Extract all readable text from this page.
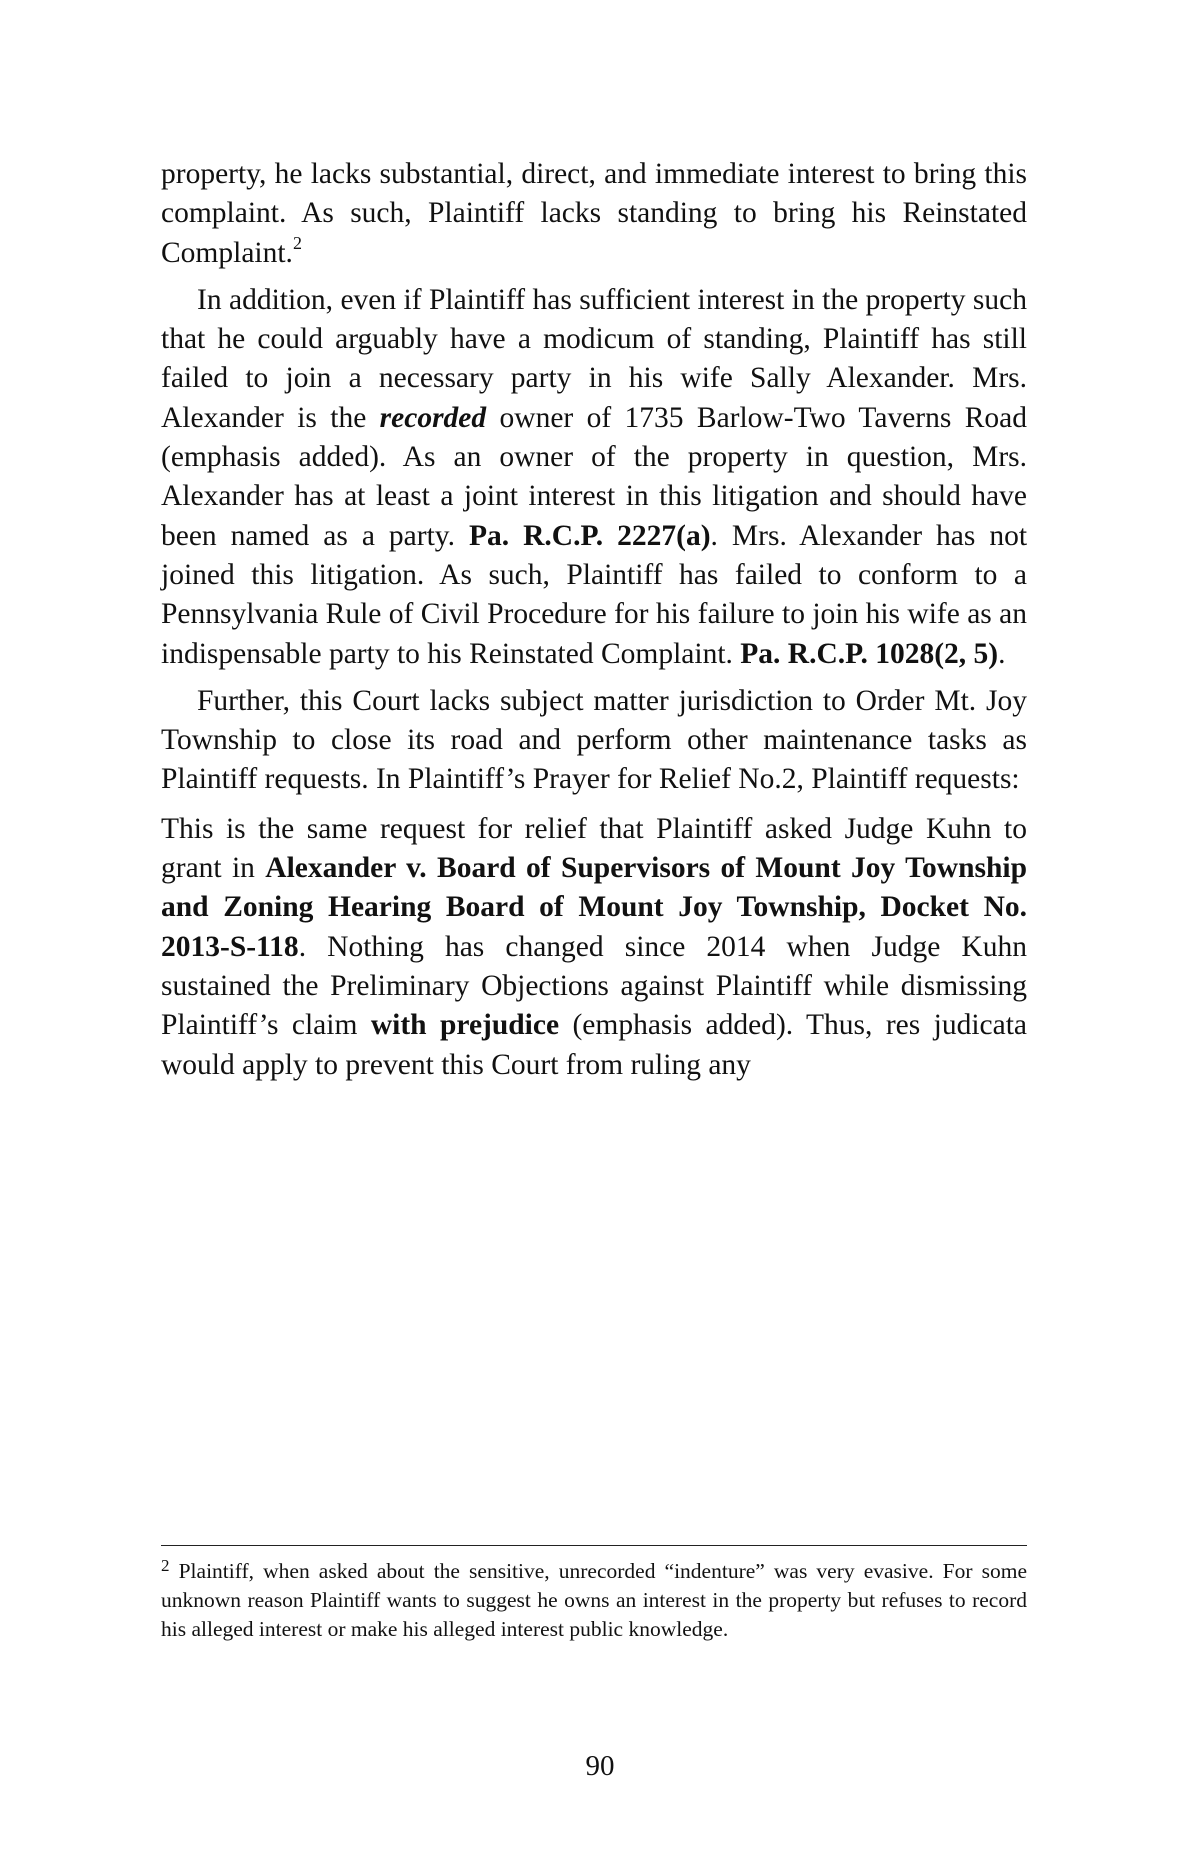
property, he lacks substantial, direct, and immediate interest to bring this complaint. As such, Plaintiff lacks standing to bring his Reinstated Complaint.$^2$

In addition, even if Plaintiff has sufficient interest in the property such that he could arguably have a modicum of standing, Plaintiff has still failed to join a necessary party in his wife Sally Alexander. Mrs. Alexander is the recorded owner of 1735 Barlow-Two Taverns Road (emphasis added). As an owner of the property in question, Mrs. Alexander has at least a joint interest in this litigation and should have been named as a party. Pa. R.C.P. 2227(a). Mrs. Alexander has not joined this litigation. As such, Plaintiff has failed to conform to a Pennsylvania Rule of Civil Procedure for his failure to join his wife as an indispensable party to his Reinstated Complaint. Pa. R.C.P. 1028(2, 5).

Further, this Court lacks subject matter jurisdiction to Order Mt. Joy Township to close its road and perform other maintenance tasks as Plaintiff requests. In Plaintiff’s Prayer for Relief No.2, Plaintiff requests:

This is the same request for relief that Plaintiff asked Judge Kuhn to grant in Alexander v. Board of Supervisors of Mount Joy Township and Zoning Hearing Board of Mount Joy Township, Docket No. 2013-S-118. Nothing has changed since 2014 when Judge Kuhn sustained the Preliminary Objections against Plaintiff while dismissing Plaintiff’s claim with prejudice (emphasis added). Thus, res judicata would apply to prevent this Court from ruling any

$^2$ Plaintiff, when asked about the sensitive, unrecorded “indenture” was very evasive. For some unknown reason Plaintiff wants to suggest he owns an interest in the property but refuses to record his alleged interest or make his alleged interest public knowledge.

90
